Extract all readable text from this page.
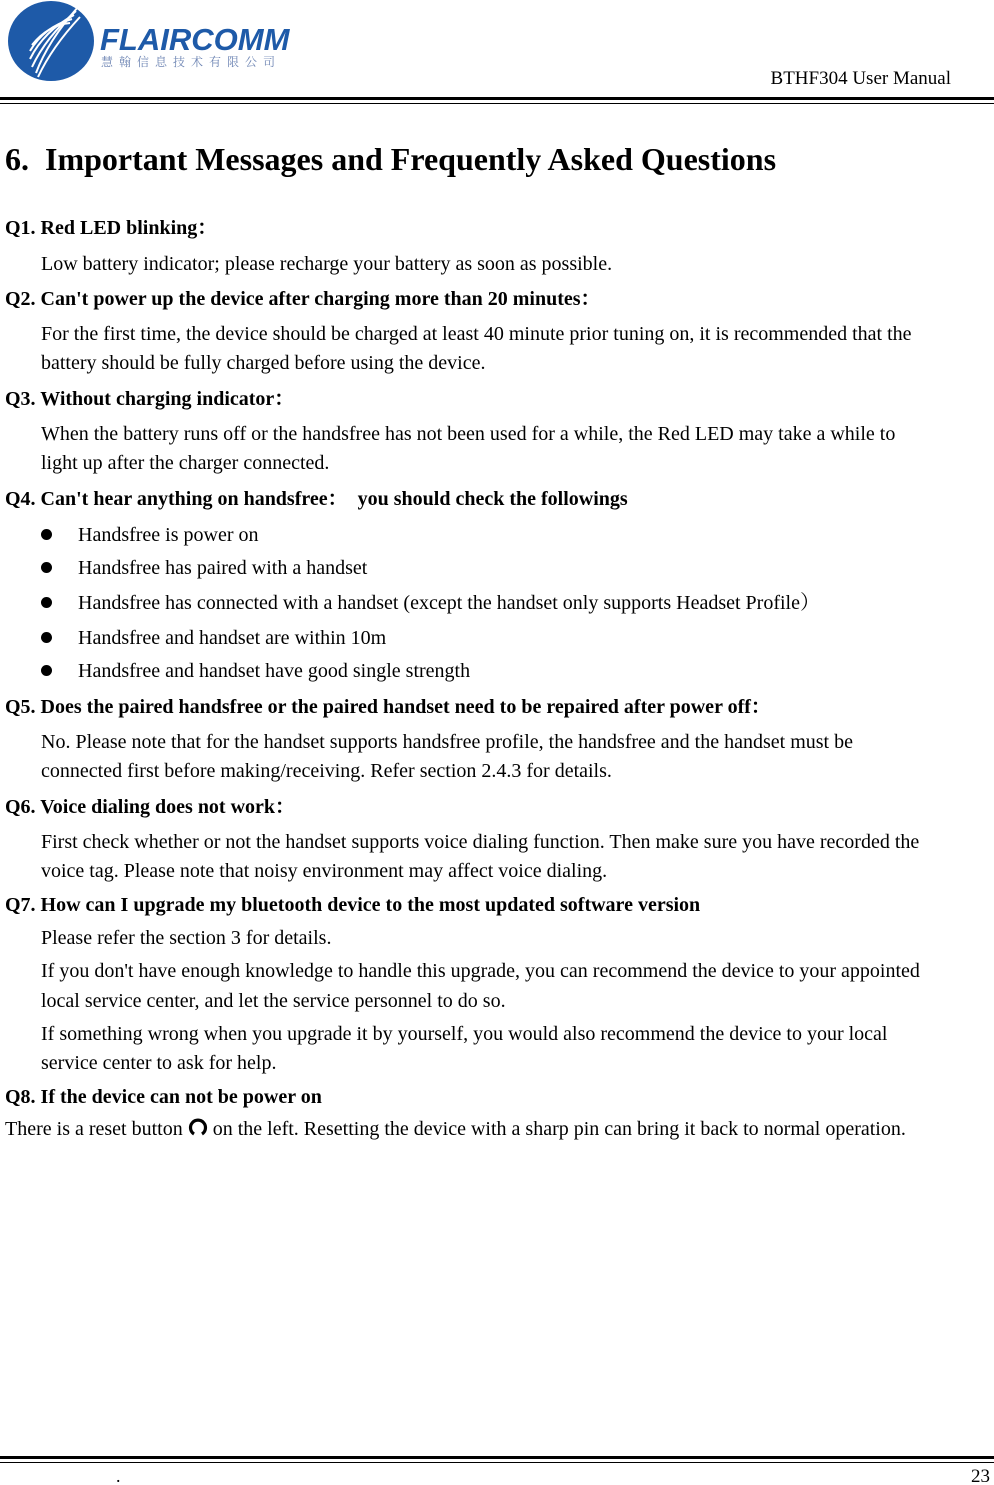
FLAIRCOMM
慧翰信息技术有限公司
BTHF304 User Manual
6.  Important Messages and Frequently Asked Questions
Q1. Red LED blinking：
Low battery indicator; please recharge your battery as soon as possible.
Q2. Can't power up the device after charging more than 20 minutes：
For the first time, the device should be charged at least 40 minute prior tuning on, it is recommended that the
battery should be fully charged before using the device.
Q3. Without charging indicator：
When the battery runs off or the handsfree has not been used for a while, the Red LED may take a while to
light up after the charger connected.
Q4. Can't hear anything on handsfree：  you should check the followings
Handsfree is power on
Handsfree has paired with a handset
Handsfree has connected with a handset (except the handset only supports Headset Profile）
Handsfree and handset are within 10m
Handsfree and handset have good single strength
Q5. Does the paired handsfree or the paired handset need to be repaired after power off：
No. Please note that for the handset supports handsfree profile, the handsfree and the handset must be
connected first before making/receiving. Refer section 2.4.3 for details.
Q6. Voice dialing does not work：
First check whether or not the handset supports voice dialing function. Then make sure you have recorded the
voice tag. Please note that noisy environment may affect voice dialing.
Q7. How can I upgrade my bluetooth device to the most updated software version
Please refer the section 3 for details.
If you don't have enough knowledge to handle this upgrade, you can recommend the device to your appointed
local service center, and let the service personnel to do so.
If something wrong when you upgrade it by yourself, you would also recommend the device to your local
service center to ask for help.
Q8. If the device can not be power on
There is a reset button on the left. Resetting the device with a sharp pin can bring it back to normal operation.
.	23
